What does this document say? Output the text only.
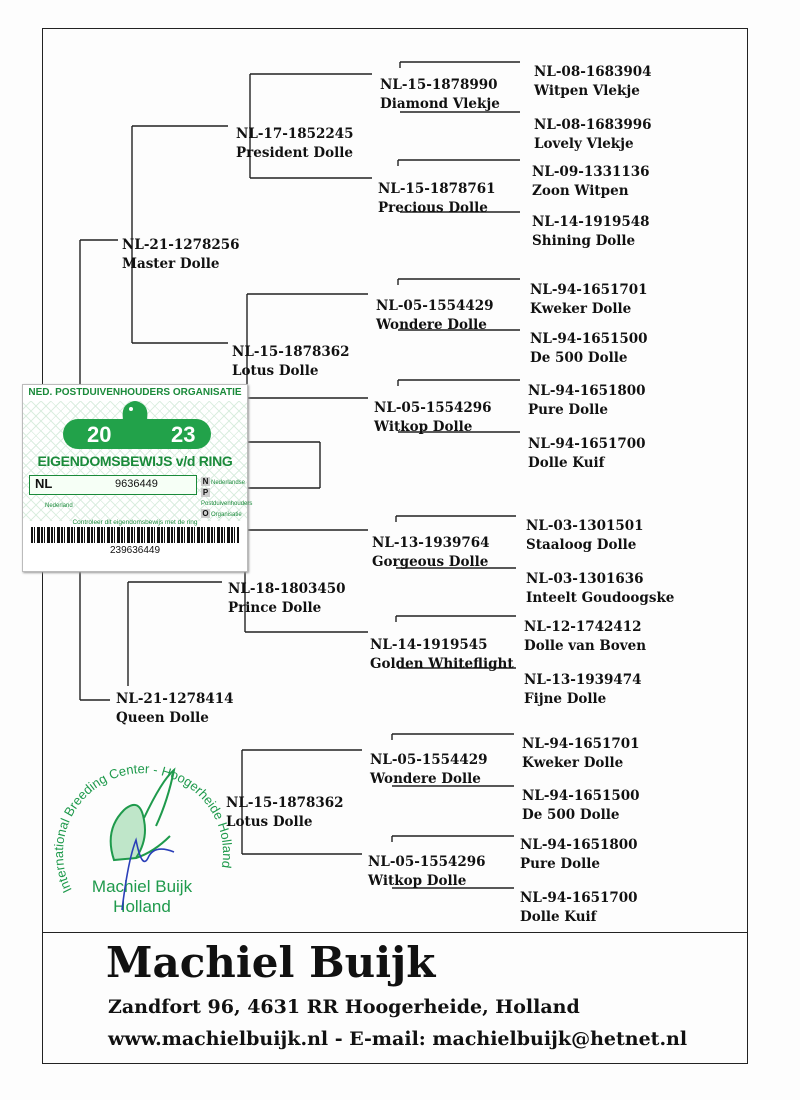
NL-21-1278256
Master Dolle
NL-21-1278414
Queen Dolle
NL-17-1852245
President Dolle
NL-15-1878362
Lotus Dolle
NL-18-1803450
Prince Dolle
NL-15-1878362
Lotus Dolle
NL-15-1878990
Diamond Vlekje
NL-15-1878761
Precious Dolle
NL-05-1554429
Wondere Dolle
NL-05-1554296
Witkop Dolle
NL-13-1939764
Gorgeous Dolle
NL-14-1919545
Golden Whiteflight
NL-05-1554429
Wondere Dolle
NL-05-1554296
Witkop Dolle
NL-08-1683904
Witpen Vlekje
NL-08-1683996
Lovely Vlekje
NL-09-1331136
Zoon Witpen
NL-14-1919548
Shining Dolle
NL-94-1651701
Kweker Dolle
NL-94-1651500
De 500 Dolle
NL-94-1651800
Pure Dolle
NL-94-1651700
Dolle Kuif
NL-03-1301501
Staaloog Dolle
NL-03-1301636
Inteelt Goudoogske
NL-12-1742412
Dolle van Boven
NL-13-1939474
Fijne Dolle
NL-94-1651701
Kweker Dolle
NL-94-1651500
De 500 Dolle
NL-94-1651800
Pure Dolle
NL-94-1651700
Dolle Kuif
NED. POSTDUIVENHOUDERS ORGANISATIE
20	23
EIGENDOMSBEWIJS v/d RING
NL	9636449	N Nederlandse
PPostduivenhouders
O Organisatie
Nederland
Controleer dit eigendomsbewijs met de ring
239636449
International Breeding Center - Hoogerheide Holland
Machiel Buijk
Holland
Machiel Buijk
Zandfort 96, 4631 RR Hoogerheide, Holland
www.machielbuijk.nl - E-mail: machielbuijk@hetnet.nl
